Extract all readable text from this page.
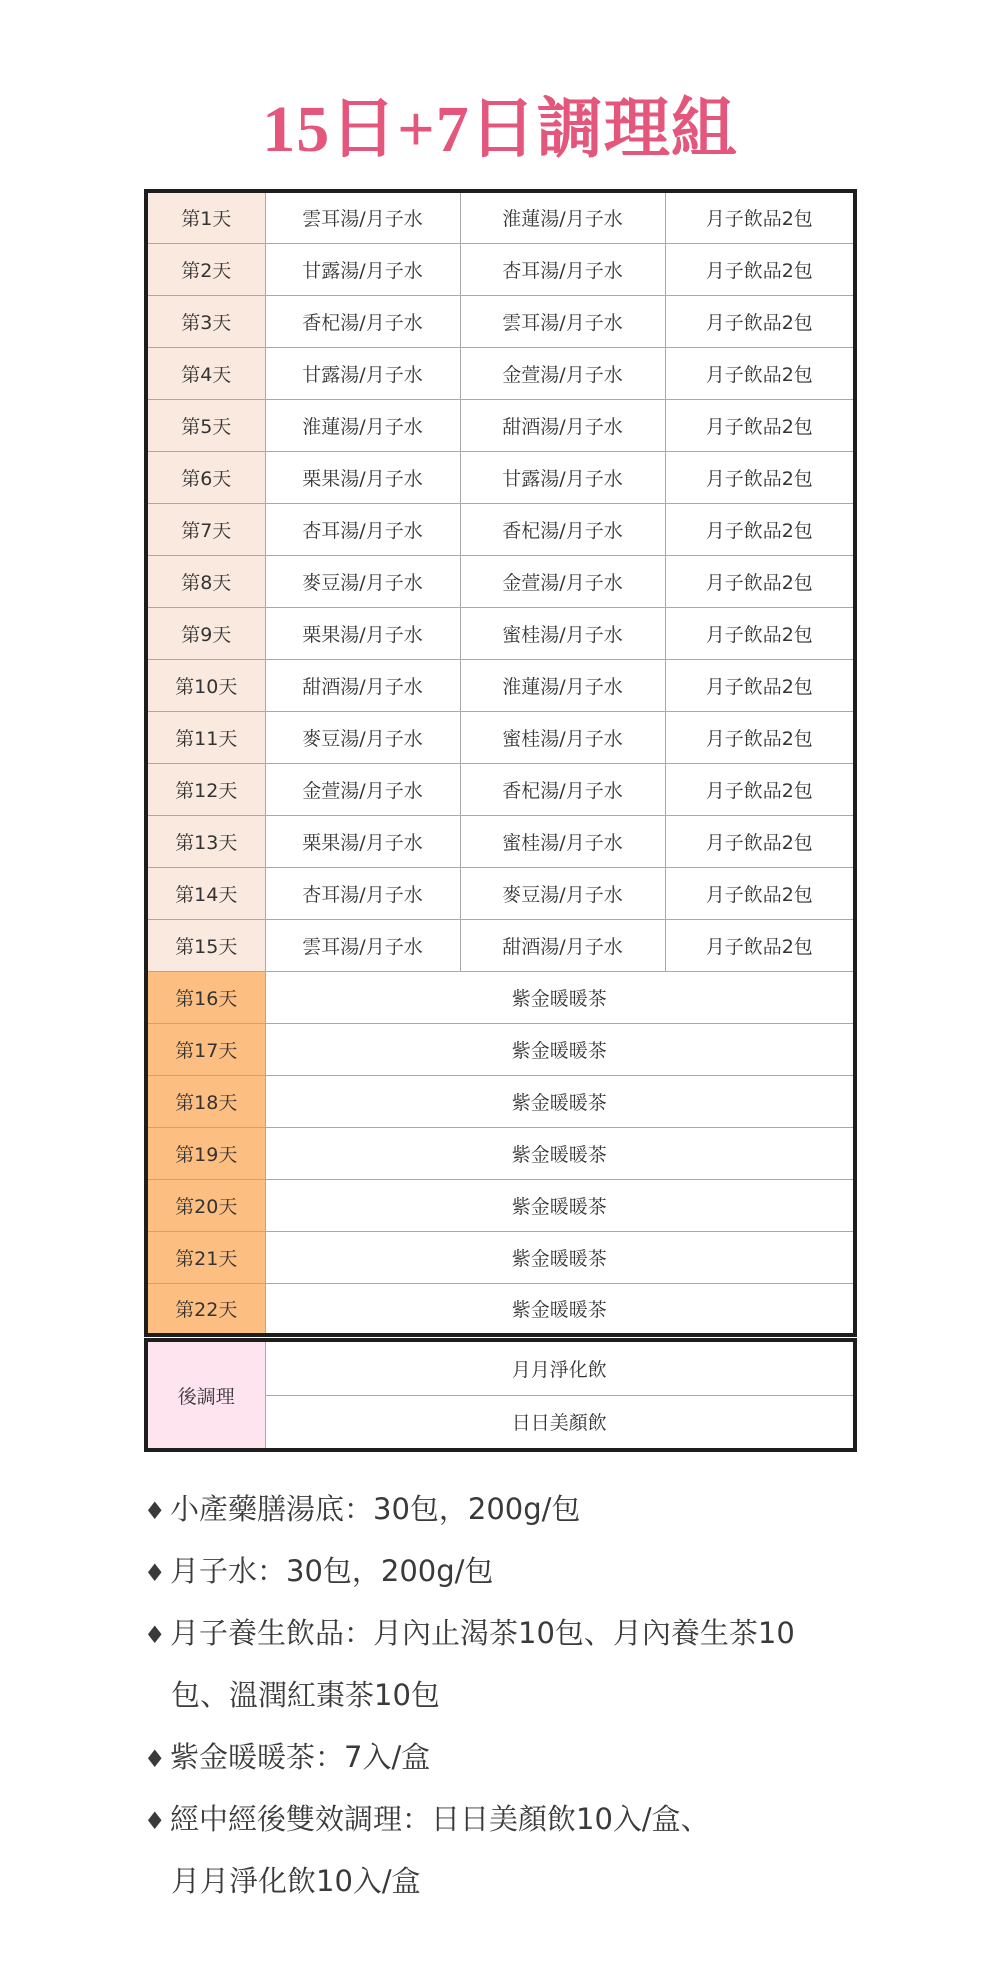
15日+7日調理組
第1天	雲耳湯/月子水	淮蓮湯/月子水	月子飲品2包
第2天	甘露湯/月子水	杏耳湯/月子水	月子飲品2包
第3天	香杞湯/月子水	雲耳湯/月子水	月子飲品2包
第4天	甘露湯/月子水	金萱湯/月子水	月子飲品2包
第5天	淮蓮湯/月子水	甜酒湯/月子水	月子飲品2包
第6天	栗果湯/月子水	甘露湯/月子水	月子飲品2包
第7天	杏耳湯/月子水	香杞湯/月子水	月子飲品2包
第8天	麥豆湯/月子水	金萱湯/月子水	月子飲品2包
第9天	栗果湯/月子水	蜜桂湯/月子水	月子飲品2包
第10天	甜酒湯/月子水	淮蓮湯/月子水	月子飲品2包
第11天	麥豆湯/月子水	蜜桂湯/月子水	月子飲品2包
第12天	金萱湯/月子水	香杞湯/月子水	月子飲品2包
第13天	栗果湯/月子水	蜜桂湯/月子水	月子飲品2包
第14天	杏耳湯/月子水	麥豆湯/月子水	月子飲品2包
第15天	雲耳湯/月子水	甜酒湯/月子水	月子飲品2包
第16天	紫金暖暖茶		
第17天	紫金暖暖茶		
第18天	紫金暖暖茶		
第19天	紫金暖暖茶		
第20天	紫金暖暖茶		
第21天	紫金暖暖茶		
第22天	紫金暖暖茶		
後調理	月月淨化飲
日日美顏飲
♦ 小產藥膳湯底：30包，200g/包
♦ 月子水：30包，200g/包
♦ 月子養生飲品：月內止渴茶10包、月內養生茶10
包、溫潤紅棗茶10包
♦ 紫金暖暖茶：7入/盒
♦ 經中經後雙效調理：日日美顏飲10入/盒、
月月淨化飲10入/盒
